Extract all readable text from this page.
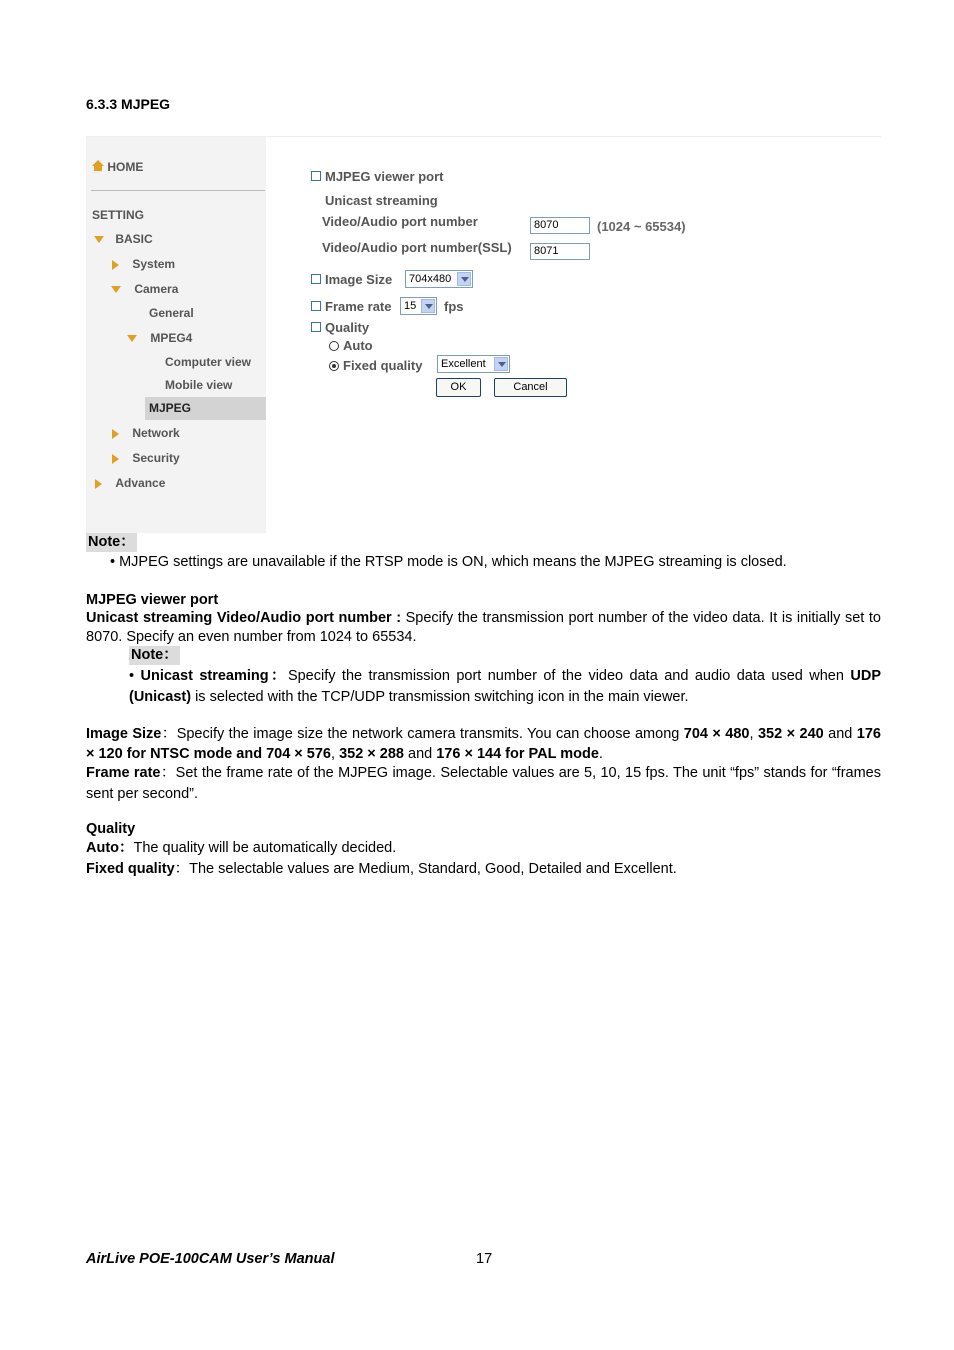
6.3.3 MJPEG
HOME
SETTING
BASIC
System
Camera
General
MPEG4
Computer view
Mobile view
MJPEG
Network
Security
Advance
MJPEG viewer port
Unicast streaming
Video/Audio port number	8070	(1024 ~ 65534)
Video/Audio port number(SSL)	8071
Image Size	704x480
Frame rate	15	fps
Quality
Auto
Fixed quality	Excellent
OK	Cancel
Note：
• MJPEG settings are unavailable if the RTSP mode is ON, which means the MJPEG streaming is closed.
MJPEG viewer port
Unicast streaming Video/Audio port number : Specify the transmission port number of the video data. It is initially set to 8070. Specify an even number from 1024 to 65534.
Note：
• Unicast streaming：Specify the transmission port number of the video data and audio data used when UDP (Unicast) is selected with the TCP/UDP transmission switching icon in the main viewer.
Image Size：Specify the image size the network camera transmits. You can choose among 704 × 480, 352 × 240 and 176 × 120 for NTSC mode and 704 × 576, 352 × 288 and 176 × 144 for PAL mode.
Frame rate：Set the frame rate of the MJPEG image. Selectable values are 5, 10, 15 fps. The unit “fps” stands for “frames sent per second”.
Quality
Auto：The quality will be automatically decided.
Fixed quality：The selectable values are Medium, Standard, Good, Detailed and Excellent.
AirLive POE-100CAM User’s Manual	17
